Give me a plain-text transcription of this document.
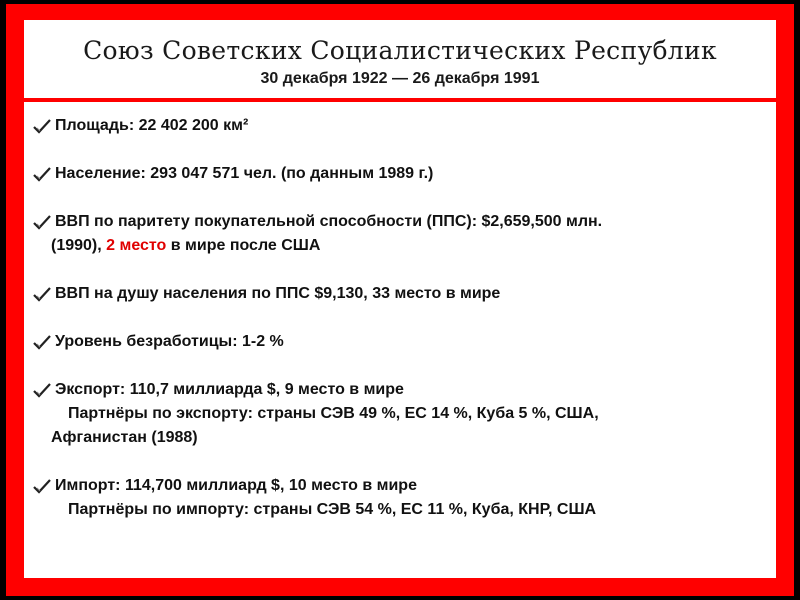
Союз Советских Социалистических Республик
30 декабря 1922 — 26 декабря 1991
Площадь: 22 402 200 км²
Население: 293 047 571 чел. (по данным 1989 г.)
ВВП по паритету покупательной способности (ППС): $2,659,500 млн.
(1990), 2 место в мире после США
ВВП на душу населения по ППС $9,130, 33 место в мире
Уровень безработицы: 1-2 %
Экспорт: 110,7 миллиарда $, 9 место в мире
Партнёры по экспорту: страны СЭВ 49 %, ЕС 14 %, Куба 5 %, США,
Афганистан (1988)
Импорт: 114,700 миллиард $, 10 место в мире
Партнёры по импорту: страны СЭВ 54 %, ЕС 11 %, Куба, КНР, США
